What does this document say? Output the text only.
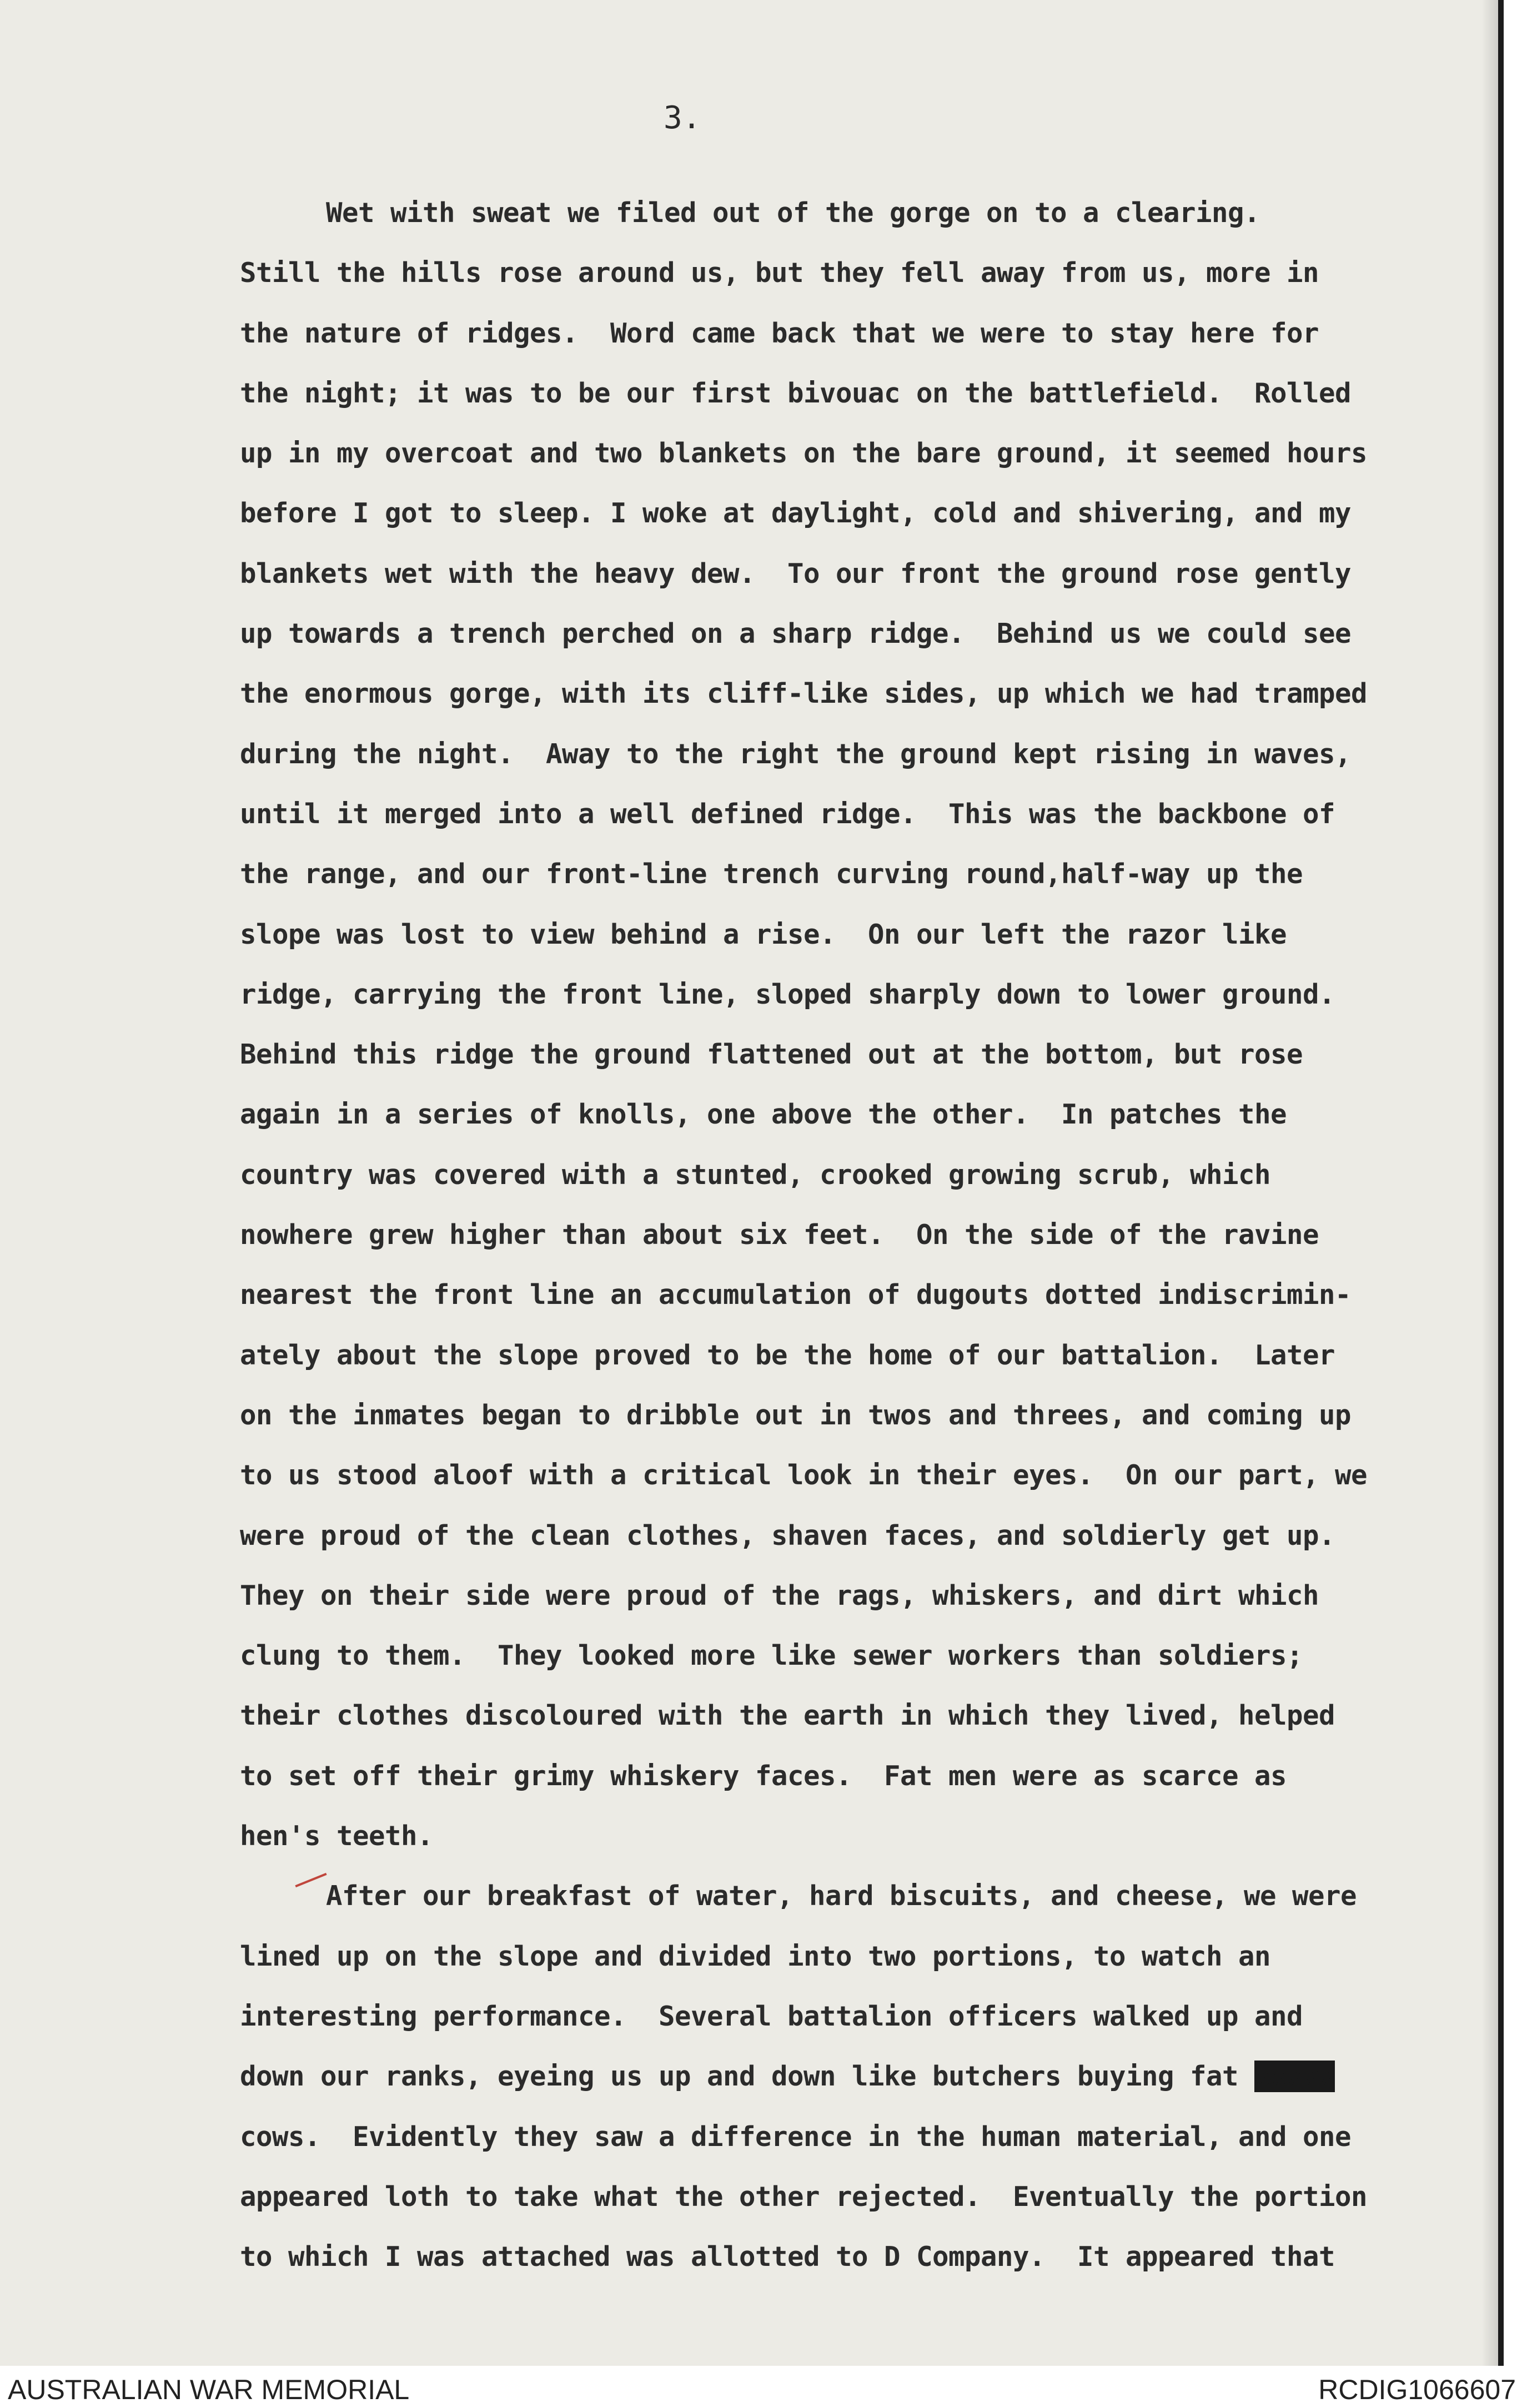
3.

Wet with sweat we filed out of the gorge on to a clearing.
Still the hills rose around us, but they fell away from us, more in
the nature of ridges.  Word came back that we were to stay here for
the night; it was to be our first bivouac on the battlefield.  Rolled
up in my overcoat and two blankets on the bare ground, it seemed hours
before I got to sleep. I woke at daylight, cold and shivering, and my
blankets wet with the heavy dew.  To our front the ground rose gently
up towards a trench perched on a sharp ridge.  Behind us we could see
the enormous gorge, with its cliff-like sides, up which we had tramped
during the night.  Away to the right the ground kept rising in waves,
until it merged into a well defined ridge.  This was the backbone of
the range, and our front-line trench curving round,half-way up the
slope was lost to view behind a rise.  On our left the razor like
ridge, carrying the front line, sloped sharply down to lower ground.
Behind this ridge the ground flattened out at the bottom, but rose
again in a series of knolls, one above the other.  In patches the
country was covered with a stunted, crooked growing scrub, which
nowhere grew higher than about six feet.  On the side of the ravine
nearest the front line an accumulation of dugouts dotted indiscrimin-
ately about the slope proved to be the home of our battalion.  Later
on the inmates began to dribble out in twos and threes, and coming up
to us stood aloof with a critical look in their eyes.  On our part, we
were proud of the clean clothes, shaven faces, and soldierly get up.
They on their side were proud of the rags, whiskers, and dirt which
clung to them.  They looked more like sewer workers than soldiers;
their clothes discoloured with the earth in which they lived, helped
to set off their grimy whiskery faces.  Fat men were as scarce as
hen's teeth.
After our breakfast of water, hard biscuits, and cheese, we were
lined up on the slope and divided into two portions, to watch an
interesting performance.  Several battalion officers walked up and
down our ranks, eyeing us up and down like butchers buying fat xxxxx
cows.  Evidently they saw a difference in the human material, and one
appeared loth to take what the other rejected.  Eventually the portion
to which I was attached was allotted to D Company.  It appeared that
AUSTRALIAN WAR MEMORIAL	RCDIG1066607
